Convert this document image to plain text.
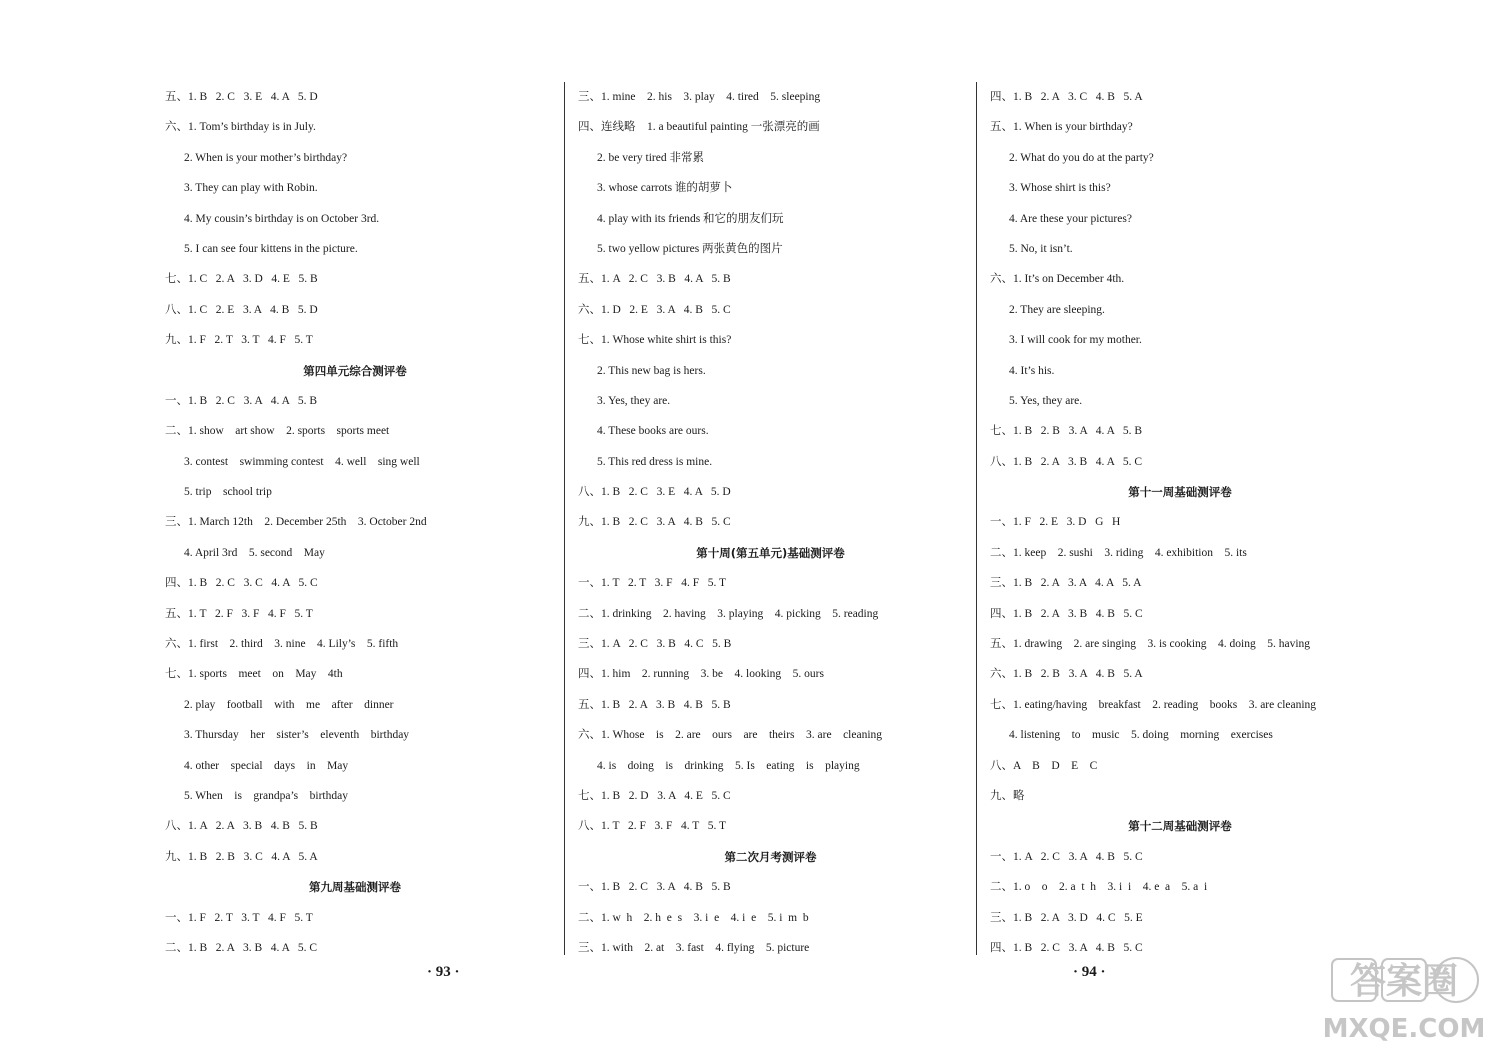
五、1. B   2. C   3. E   4. A   5. D
六、1. Tom’s birthday is in July.
2. When is your mother’s birthday?
3. They can play with Robin.
4. My cousin’s birthday is on October 3rd.
5. I can see four kittens in the picture.
七、1. C   2. A   3. D   4. E   5. B
八、1. C   2. E   3. A   4. B   5. D
九、1. F   2. T   3. T   4. F   5. T
第四单元综合测评卷
一、1. B   2. C   3. A   4. A   5. B
二、1. show    art show    2. sports    sports meet
3. contest    swimming contest    4. well    sing well
5. trip    school trip
三、1. March 12th    2. December 25th    3. October 2nd
4. April 3rd    5. second    May
四、1. B   2. C   3. C   4. A   5. C
五、1. T   2. F   3. F   4. F   5. T
六、1. first    2. third    3. nine    4. Lily’s    5. fifth
七、1. sports    meet    on    May    4th
2. play    football    with    me    after    dinner
3. Thursday    her    sister’s    eleventh    birthday
4. other    special    days    in    May
5. When    is    grandpa’s    birthday
八、1. A   2. A   3. B   4. B   5. B
九、1. B   2. B   3. C   4. A   5. A
第九周基础测评卷
一、1. F   2. T   3. T   4. F   5. T
二、1. B   2. A   3. B   4. A   5. C
三、1. mine    2. his    3. play    4. tired    5. sleeping
四、连线略    1. a beautiful painting 一张漂亮的画
2. be very tired 非常累
3. whose carrots 谁的胡萝卜
4. play with its friends 和它的朋友们玩
5. two yellow pictures 两张黄色的图片
五、1. A   2. C   3. B   4. A   5. B
六、1. D   2. E   3. A   4. B   5. C
七、1. Whose white shirt is this?
2. This new bag is hers.
3. Yes, they are.
4. These books are ours.
5. This red dress is mine.
八、1. B   2. C   3. E   4. A   5. D
九、1. B   2. C   3. A   4. B   5. C
第十周(第五单元)基础测评卷
一、1. T   2. T   3. F   4. F   5. T
二、1. drinking    2. having    3. playing    4. picking    5. reading
三、1. A   2. C   3. B   4. C   5. B
四、1. him    2. running    3. be    4. looking    5. ours
五、1. B   2. A   3. B   4. B   5. B
六、1. Whose    is    2. are    ours    are    theirs    3. are    cleaning
4. is    doing    is    drinking    5. Is    eating    is    playing
七、1. B   2. D   3. A   4. E   5. C
八、1. T   2. F   3. F   4. T   5. T
第二次月考测评卷
一、1. B   2. C   3. A   4. B   5. B
二、1. w  h    2. h  e  s    3. i  e    4. i  e    5. i  m  b
三、1. with    2. at    3. fast    4. flying    5. picture
四、1. B   2. A   3. C   4. B   5. A
五、1. When is your birthday?
2. What do you do at the party?
3. Whose shirt is this?
4. Are these your pictures?
5. No, it isn’t.
六、1. It’s on December 4th.
2. They are sleeping.
3. I will cook for my mother.
4. It’s his.
5. Yes, they are.
七、1. B   2. B   3. A   4. A   5. B
八、1. B   2. A   3. B   4. A   5. C
第十一周基础测评卷
一、1. F   2. E   3. D   G   H
二、1. keep    2. sushi    3. riding    4. exhibition    5. its
三、1. B   2. A   3. A   4. A   5. A
四、1. B   2. A   3. B   4. B   5. C
五、1. drawing    2. are singing    3. is cooking    4. doing    5. having
六、1. B   2. B   3. A   4. B   5. A
七、1. eating/having    breakfast    2. reading    books    3. are cleaning
4. listening    to    music    5. doing    morning    exercises
八、A    B    D    E    C
九、略
第十二周基础测评卷
一、1. A   2. C   3. A   4. B   5. C
二、1. o    o    2. a  t  h    3. i  i    4. e  a    5. a  i
三、1. B   2. A   3. D   4. C   5. E
四、1. B   2. C   3. A   4. B   5. C
· 93 ·	· 94 ·	答案圈
MXQE.COM
